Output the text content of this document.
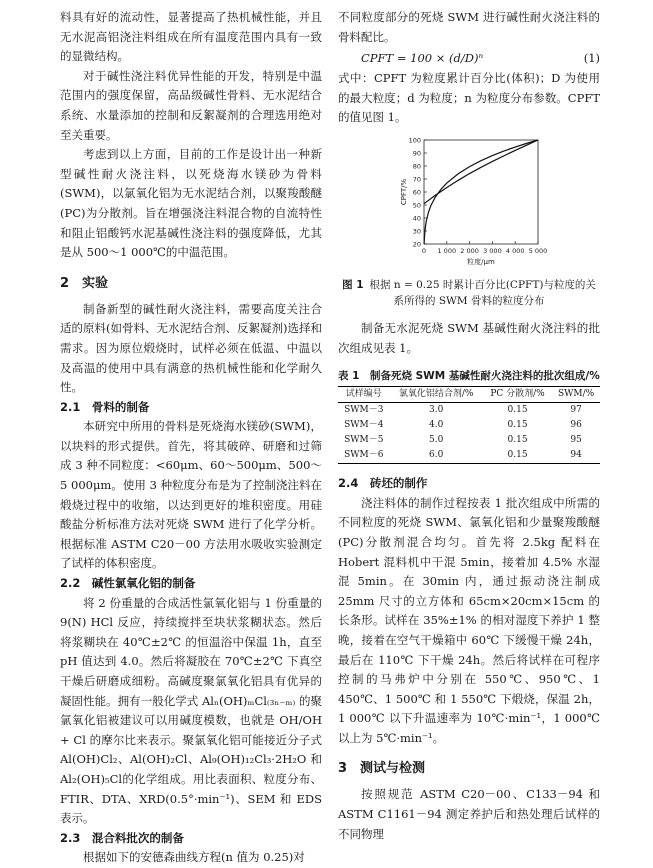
料具有好的流动性，显著提高了热机械性能，并且无水泥高铝浇注料组成在所有温度范围内具有一致的显微结构。

对于碱性浇注料优异性能的开发，特别是中温范围内的强度保留，高品级碱性骨料、无水泥结合系统、水量添加的控制和反絮凝剂的合理选用绝对至关重要。

考虑到以上方面，目前的工作是设计出一种新型碱性耐火浇注料，以死烧海水镁砂为骨料(SWM)，以氯氧化铝为无水泥结合剂，以聚羧酸醚(PC)为分散剂。旨在增强浇注料混合物的自流特性和阻止铝酸钙水泥基碱性浇注料的强度降低，尤其是从 500～1 000℃的中温范围。

2　实验

制备新型的碱性耐火浇注料，需要高度关注合适的原料(如骨料、无水泥结合剂、反絮凝剂)选择和需求。因为原位煅烧时，试样必须在低温、中温以及高温的使用中具有满意的热机械性能和化学耐久性。

2.1　骨料的制备

本研究中所用的骨料是死烧海水镁砂(SWM)，以块料的形式提供。首先，将其破碎、研磨和过筛成 3 种不同粒度：<60μm、60～500μm、500～5 000μm。使用 3 种粒度分布是为了控制浇注料在煅烧过程中的收缩，以达到更好的堆积密度。用硅酸盐分析标准方法对死烧 SWM 进行了化学分析。根据标准 ASTM C20－00 方法用水吸收实验测定了试样的体积密度。

2.2　碱性氯氧化铝的制备

将 2 份重量的合成活性氯氧化铝与 1 份重量的 9(N) HCl 反应，持续搅拌至块状浆糊状态。然后将浆糊块在 40℃±2℃ 的恒温浴中保温 1h，直至 pH 值达到 4.0。然后将凝胶在 70℃±2℃ 下真空干燥后研磨成细粉。高碱度聚氯氧化铝具有优异的凝固性能。拥有一般化学式 Alₙ(OH)ₘCl₍₃ₙ₋ₘ₎ 的聚氯氧化铝被建议可以用碱度模数，也就是 OH/OH + Cl 的摩尔比来表示。聚氯氧化铝可能接近分子式 Al(OH)Cl₂、Al(OH)₂Cl、Al₉(OH)₁₂Cl₃·2H₂O 和 Al₂(OH)₅Cl的化学组成。用比表面积、粒度分布、FTIR、DTA、XRD(0.5°·min⁻¹)、SEM 和 EDS 表示。

2.3　混合料批次的制备

根据如下的安德森曲线方程(n 值为 0.25)对

不同粒度部分的死烧 SWM 进行碱性耐火浇注料的骨料配比。

CPFT = 100 × (d/D)ⁿ	(1)

式中：CPFT 为粒度累计百分比(体积)；D 为使用的最大粒度；d 为粒度；n 为粒度分布参数。CPFT 的值见图 1。

20
30
40
50
60
70
80
90
100
0 1 000 2 000 3 000 4 000 5 000
粒度/μm
CPFT/%
图 1 根据 n = 0.25 时累计百分比(CPFT)与粒度的关系所得的 SWM 骨料的粒度分布

制备无水泥死烧 SWM 基碱性耐火浇注料的批次组成见表 1。

表 1　制备死烧 SWM 基碱性耐火浇注料的批次组成/%
试样编号	氯氧化铝结合剂/%	PC 分散剂/%	SWM/%
SWM－3	3.0	0.15	97
SWM－4	4.0	0.15	96
SWM－5	5.0	0.15	95
SWM－6	6.0	0.15	94
2.4　砖坯的制作

浇注料体的制作过程按表 1 批次组成中所需的不同粒度的死烧 SWM、氯氧化铝和少量聚羧酸醚(PC)分散剂混合均匀。首先将 2.5kg 配料在 Hobert 混料机中干混 5min，接着加 4.5% 水湿混 5min。在 30min 内，通过振动浇注制成 25mm 尺寸的立方体和 65cm×20cm×15cm 的长条形。试样在 35%±1% 的相对湿度下养护 1 整晚，接着在空气干燥箱中 60℃ 下缓慢干燥 24h，最后在 110℃ 下干燥 24h。然后将试样在可程序控制的马弗炉中分别在 550℃、950℃、1 450℃、1 500℃ 和 1 550℃ 下煅烧，保温 2h，1 000℃ 以下升温速率为 10℃·min⁻¹，1 000℃ 以上为 5℃·min⁻¹。

3　测试与检测

按照规范 ASTM C20－00、C133－94 和 ASTM C1161－94 测定养护后和热处理后试样的不同物理
